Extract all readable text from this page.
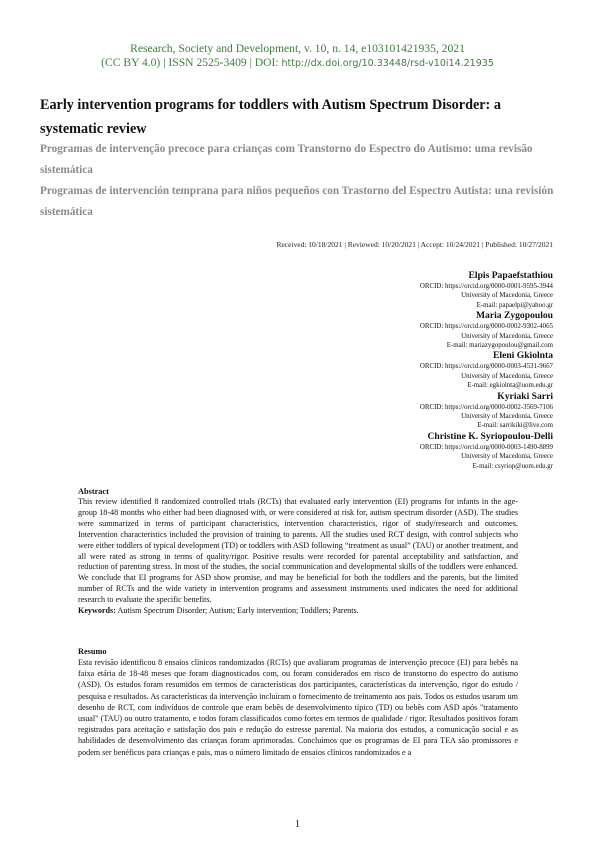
Research, Society and Development, v. 10, n. 14, e103101421935, 2021
(CC BY 4.0) | ISSN 2525-3409 | DOI: http://dx.doi.org/10.33448/rsd-v10i14.21935
Early intervention programs for toddlers with Autism Spectrum Disorder: a systematic review
Programas de intervenção precoce para crianças com Transtorno do Espectro do Autismo: uma revisão sistemática
Programas de intervención temprana para niños pequeños con Trastorno del Espectro Autista: una revisión sistemática
Received: 10/18/2021 | Reviewed: 10/20/2021 | Accept: 10/24/2021 | Published: 10/27/2021
Elpis Papaefstathiou
ORCID: https://orcid.org/0000-0001-9595-3944
University of Macedonia, Greece
E-mail: papaelpi@yahoo.gr
Maria Zygopoulou
ORCID: https://orcid.org/0000-0002-9302-4065
University of Macedonia, Greece
E-mail: mariazygopoulou@gmail.com
Eleni Gkiolnta
ORCID: https://orcid.org/0000-0003-4531-9667
University of Macedonia, Greece
E-mail: egkiolnta@uom.edu.gr
Kyriaki Sarri
ORCID: https://orcid.org/0000-0002-3569-7106
University of Macedonia, Greece
E-mail: sarrikiki@live.com
Christine K. Syriopoulou-Delli
ORCID: https://orcid.org/0000-0003-1490-8899
University of Macedonia, Greece
E-mail: csyriop@uom.edu.gr
Abstract

This review identified 8 randomized controlled trials (RCTs) that evaluated early intervention (EI) programs for infants in the age-group 18-48 months who either had been diagnosed with, or were considered at risk for, autism spectrum disorder (ASD). The studies were summarized in terms of participant characteristics, intervention characteristics, rigor of study/research and outcomes. Intervention characteristics included the provision of training to parents. All the studies used RCT design, with control subjects who were either toddlers of typical development (TD) or toddlers with ASD following “treatment as usual” (TAU) or another treatment, and all were rated as strong in terms of quality/rigor. Positive results were recorded for parental acceptability and satisfaction, and reduction of parenting stress. In most of the studies, the social communication and developmental skills of the toddlers were enhanced. We conclude that EI programs for ASD show promise, and may be beneficial for both the toddlers and the parents, but the limited number of RCTs and the wide variety in intervention programs and assessment instruments used indicates the need for additional research to evaluate the specific benefits.

Keywords: Autism Spectrum Disorder; Autism; Early intervention; Toddlers; Parents.

Resumo

Esta revisão identificou 8 ensaios clínicos randomizados (RCTs) que avaliaram programas de intervenção precoce (EI) para bebês na faixa etária de 18-48 meses que foram diagnosticados com, ou foram considerados em risco de transtorno do espectro do autismo (ASD). Os estudos foram resumidos em termos de características dos participantes, características da intervenção, rigor do estudo / pesquisa e resultados. As características da intervenção incluíram o fornecimento de treinamento aos pais. Todos os estudos usaram um desenho de RCT, com indivíduos de controle que eram bebês de desenvolvimento típico (TD) ou bebês com ASD após "tratamento usual" (TAU) ou outro tratamento, e todos foram classificados como fortes em termos de qualidade / rigor. Resultados positivos foram registrados para aceitação e satisfação dos pais e redução do estresse parental. Na maioria dos estudos, a comunicação social e as habilidades de desenvolvimento das crianças foram aprimoradas. Concluímos que os programas de EI para TEA são promissores e podem ser benéficos para crianças e pais, mas o número limitado de ensaios clínicos randomizados e a

1
